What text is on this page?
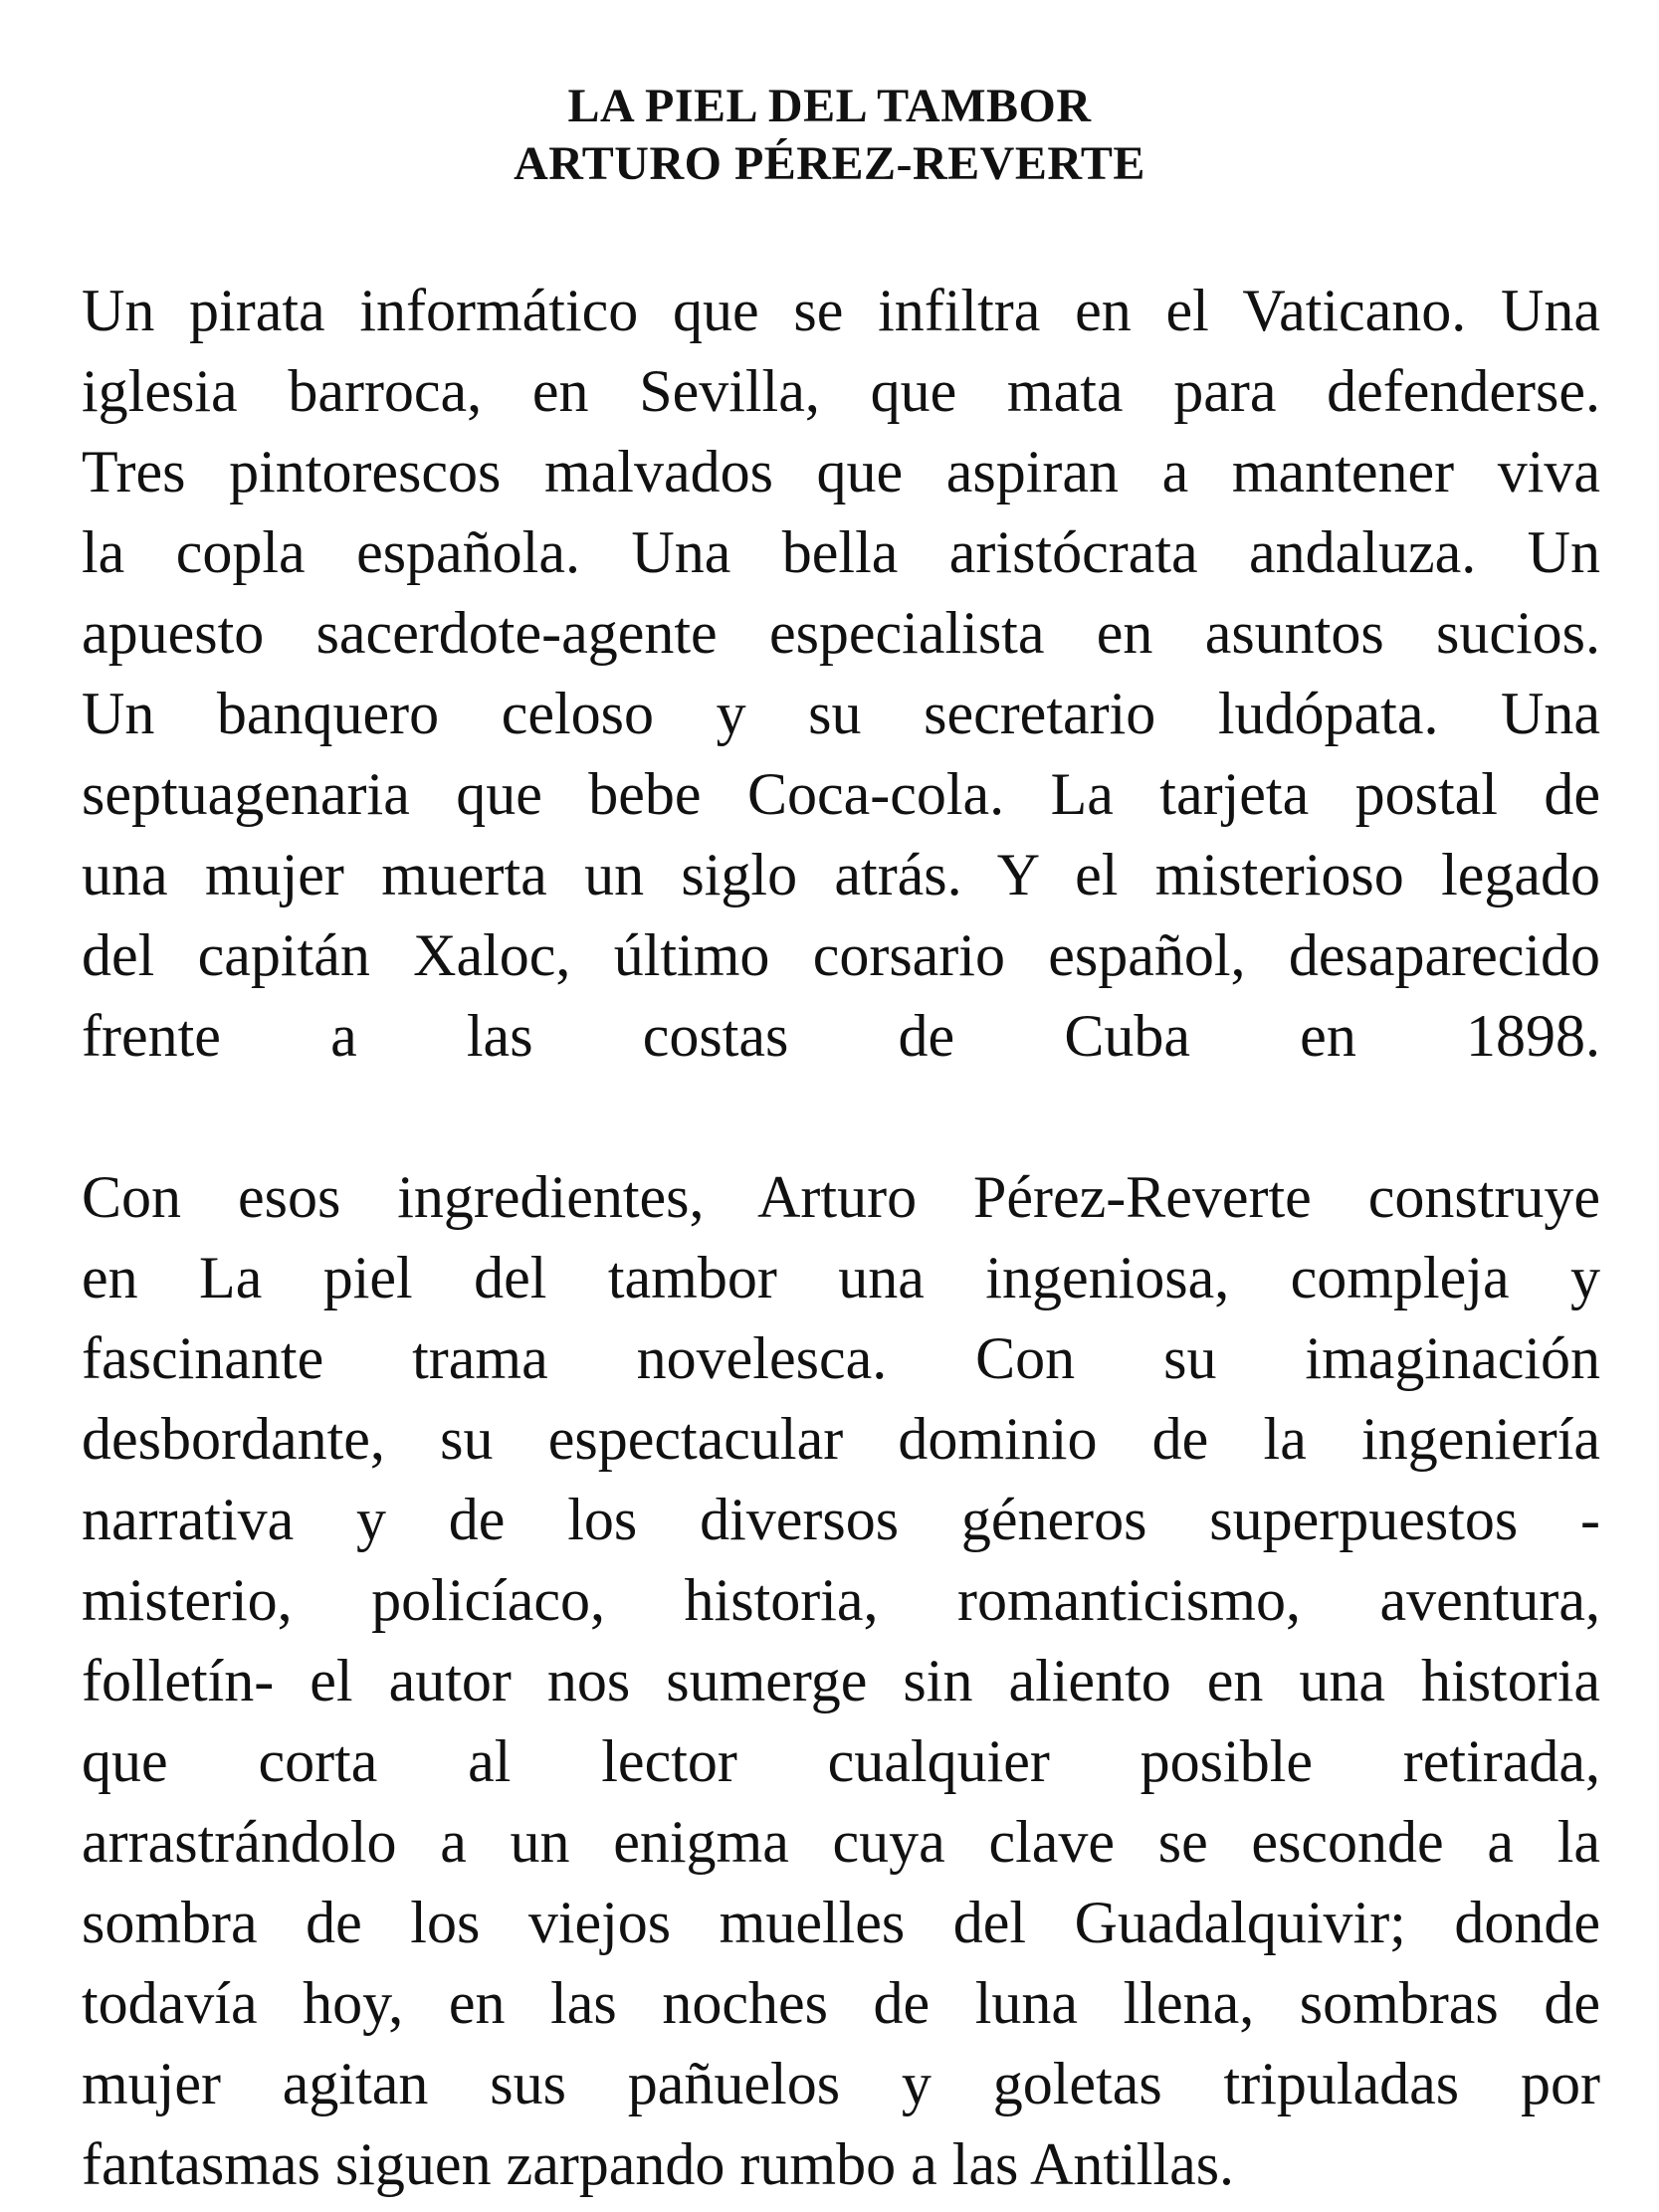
LA PIEL DEL TAMBOR
ARTURO PÉREZ-REVERTE
Un pirata informático que se infiltra en el Vaticano. Una
iglesia barroca, en Sevilla, que mata para defenderse.
Tres pintorescos malvados que aspiran a mantener viva
la copla española. Una bella aristócrata andaluza. Un
apuesto sacerdote-agente especialista en asuntos sucios.
Un banquero celoso y su secretario ludópata. Una
septuagenaria que bebe Coca-cola. La tarjeta postal de
una mujer muerta un siglo atrás. Y el misterioso legado
del capitán Xaloc, último corsario español, desaparecido
frente a las costas de Cuba en 1898.
Con esos ingredientes, Arturo Pérez-Reverte construye
en La piel del tambor una ingeniosa, compleja y
fascinante trama novelesca. Con su imaginación
desbordante, su espectacular dominio de la ingeniería
narrativa y de los diversos géneros superpuestos -
misterio, policíaco, historia, romanticismo, aventura,
folletín- el autor nos sumerge sin aliento en una historia
que corta al lector cualquier posible retirada,
arrastrándolo a un enigma cuya clave se esconde a la
sombra de los viejos muelles del Guadalquivir; donde
todavía hoy, en las noches de luna llena, sombras de
mujer agitan sus pañuelos y goletas tripuladas por
fantasmas siguen zarpando rumbo a las Antillas.
